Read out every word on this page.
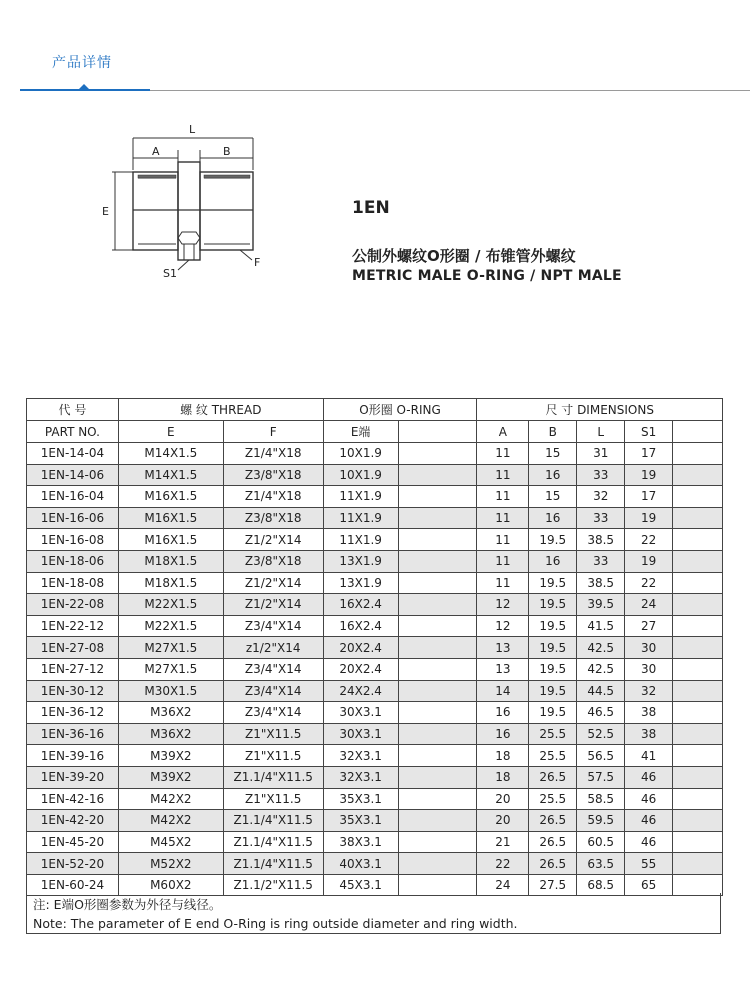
产品详情
L
A	B
E
F
S1
1EN
公制外螺纹O形圈 / 布锥管外螺纹
METRIC MALE O-RING / NPT MALE
代 号	螺 纹 THREAD		O形圈 O-RING		尺 寸 DIMENSIONS				
PART NO.	E	F	E端		A	B	L	S1	
1EN-14-04	M14X1.5	Z1/4"X18	10X1.9		11	15	31	17	
1EN-14-06	M14X1.5	Z3/8"X18	10X1.9		11	16	33	19	
1EN-16-04	M16X1.5	Z1/4"X18	11X1.9		11	15	32	17	
1EN-16-06	M16X1.5	Z3/8"X18	11X1.9		11	16	33	19	
1EN-16-08	M16X1.5	Z1/2"X14	11X1.9		11	19.5	38.5	22	
1EN-18-06	M18X1.5	Z3/8"X18	13X1.9		11	16	33	19	
1EN-18-08	M18X1.5	Z1/2"X14	13X1.9		11	19.5	38.5	22	
1EN-22-08	M22X1.5	Z1/2"X14	16X2.4		12	19.5	39.5	24	
1EN-22-12	M22X1.5	Z3/4"X14	16X2.4		12	19.5	41.5	27	
1EN-27-08	M27X1.5	z1/2"X14	20X2.4		13	19.5	42.5	30	
1EN-27-12	M27X1.5	Z3/4"X14	20X2.4		13	19.5	42.5	30	
1EN-30-12	M30X1.5	Z3/4"X14	24X2.4		14	19.5	44.5	32	
1EN-36-12	M36X2	Z3/4"X14	30X3.1		16	19.5	46.5	38	
1EN-36-16	M36X2	Z1"X11.5	30X3.1		16	25.5	52.5	38	
1EN-39-16	M39X2	Z1"X11.5	32X3.1		18	25.5	56.5	41	
1EN-39-20	M39X2	Z1.1/4"X11.5	32X3.1		18	26.5	57.5	46	
1EN-42-16	M42X2	Z1"X11.5	35X3.1		20	25.5	58.5	46	
1EN-42-20	M42X2	Z1.1/4"X11.5	35X3.1		20	26.5	59.5	46	
1EN-45-20	M45X2	Z1.1/4"X11.5	38X3.1		21	26.5	60.5	46	
1EN-52-20	M52X2	Z1.1/4"X11.5	40X3.1		22	26.5	63.5	55	
1EN-60-24	M60X2	Z1.1/2"X11.5	45X3.1		24	27.5	68.5	65	
注: E端O形圈参数为外径与线径。
Note: The parameter of E end O-Ring is ring outside diameter and ring width.
